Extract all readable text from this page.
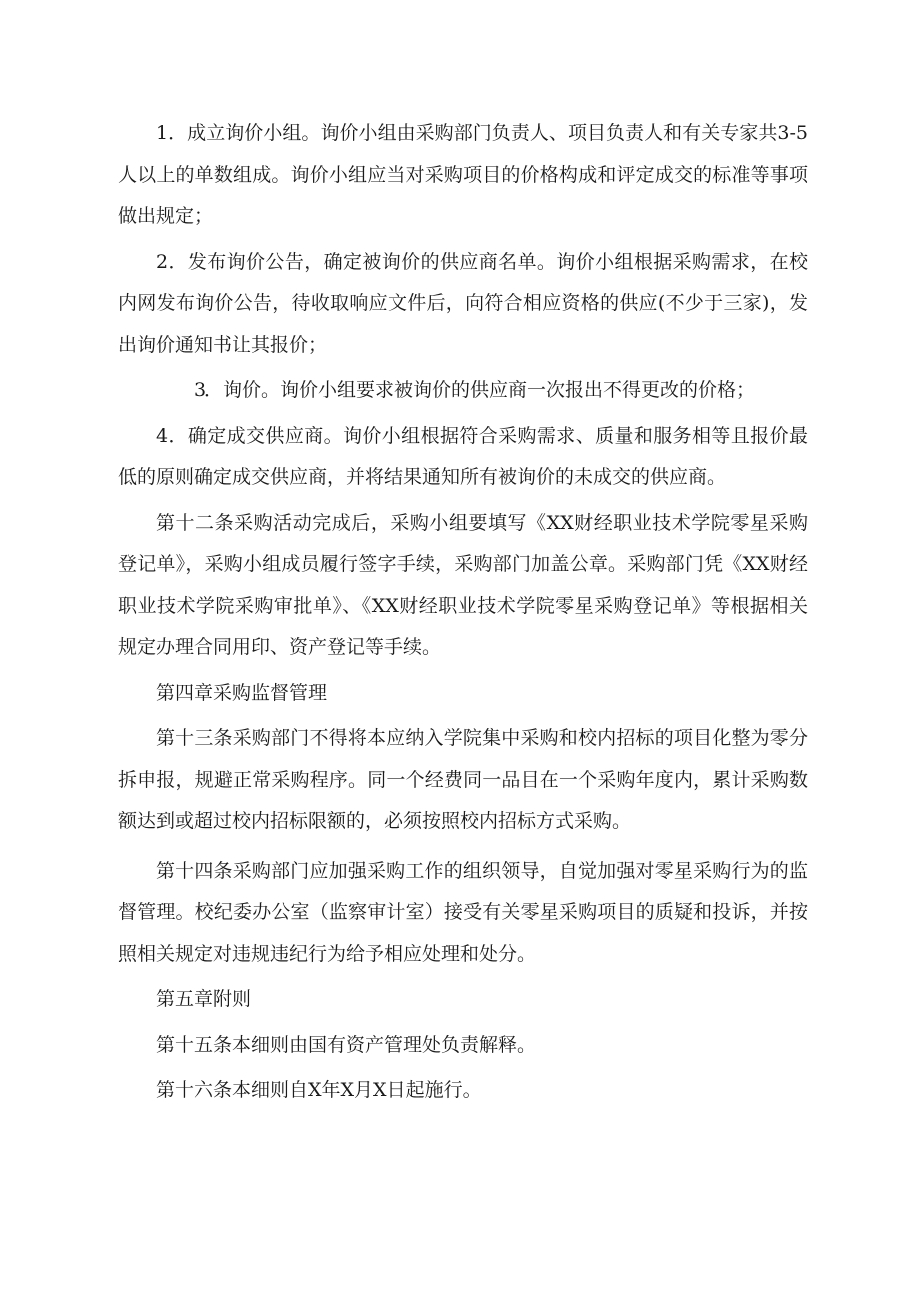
1．成立询价小组。询价小组由采购部门负责人、项目负责人和有关专家共3-5人以上的单数组成。询价小组应当对采购项目的价格构成和评定成交的标准等事项做出规定；

2．发布询价公告，确定被询价的供应商名单。询价小组根据采购需求，在校内网发布询价公告，待收取响应文件后，向符合相应资格的供应(不少于三家)，发出询价通知书让其报价；

3．询价。询价小组要求被询价的供应商一次报出不得更改的价格；

4．确定成交供应商。询价小组根据符合采购需求、质量和服务相等且报价最低的原则确定成交供应商，并将结果通知所有被询价的未成交的供应商。

第十二条采购活动完成后，采购小组要填写《XX财经职业技术学院零星采购登记单》，采购小组成员履行签字手续，采购部门加盖公章。采购部门凭《XX财经职业技术学院采购审批单》、《XX财经职业技术学院零星采购登记单》等根据相关规定办理合同用印、资产登记等手续。

第四章采购监督管理

第十三条采购部门不得将本应纳入学院集中采购和校内招标的项目化整为零分拆申报，规避正常采购程序。同一个经费同一品目在一个采购年度内，累计采购数额达到或超过校内招标限额的，必须按照校内招标方式采购。

第十四条采购部门应加强采购工作的组织领导，自觉加强对零星采购行为的监督管理。校纪委办公室（监察审计室）接受有关零星采购项目的质疑和投诉，并按照相关规定对违规违纪行为给予相应处理和处分。

第五章附则

第十五条本细则由国有资产管理处负责解释。

第十六条本细则自X年X月X日起施行。
